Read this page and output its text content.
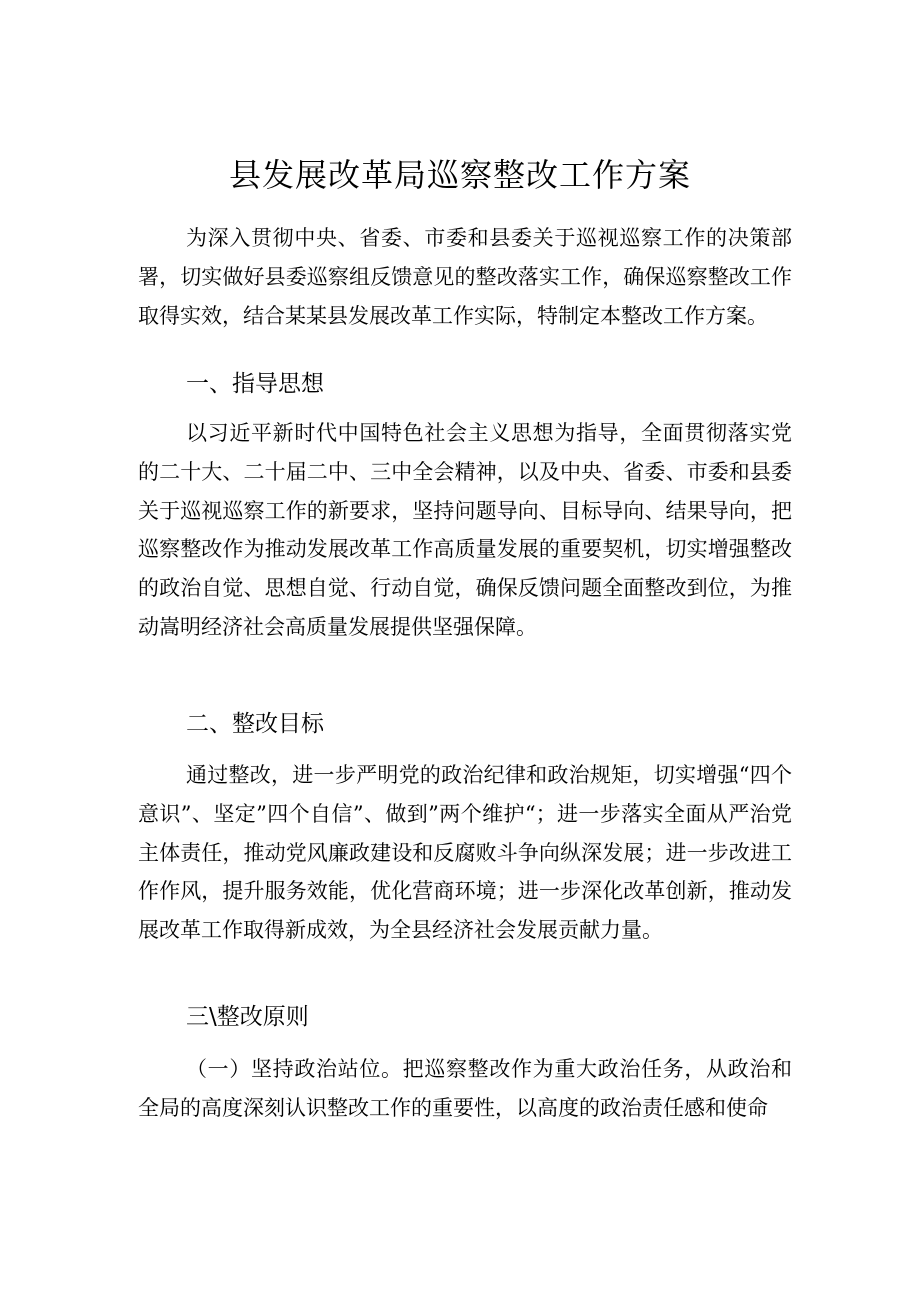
县发展改革局巡察整改工作方案

为深入贯彻中央、省委、市委和县委关于巡视巡察工作的决策部署，切实做好县委巡察组反馈意见的整改落实工作，确保巡察整改工作取得实效，结合某某县发展改革工作实际，特制定本整改工作方案。

一、指导思想

以习近平新时代中国特色社会主义思想为指导，全面贯彻落实党的二十大、二十届二中、三中全会精神，以及中央、省委、市委和县委关于巡视巡察工作的新要求，坚持问题导向、目标导向、结果导向，把巡察整改作为推动发展改革工作高质量发展的重要契机，切实增强整改的政治自觉、思想自觉、行动自觉，确保反馈问题全面整改到位，为推动嵩明经济社会高质量发展提供坚强保障。

二、整改目标

通过整改，进一步严明党的政治纪律和政治规矩，切实增强“四个意识”、坚定”四个自信”、做到”两个维护“；进一步落实全面从严治党主体责任，推动党风廉政建设和反腐败斗争向纵深发展；进一步改进工作作风，提升服务效能，优化营商环境；进一步深化改革创新，推动发展改革工作取得新成效，为全县经济社会发展贡献力量。

三\整改原则

（一）坚持政治站位。把巡察整改作为重大政治任务，从政治和全局的高度深刻认识整改工作的重要性，以高度的政治责任感和使命
